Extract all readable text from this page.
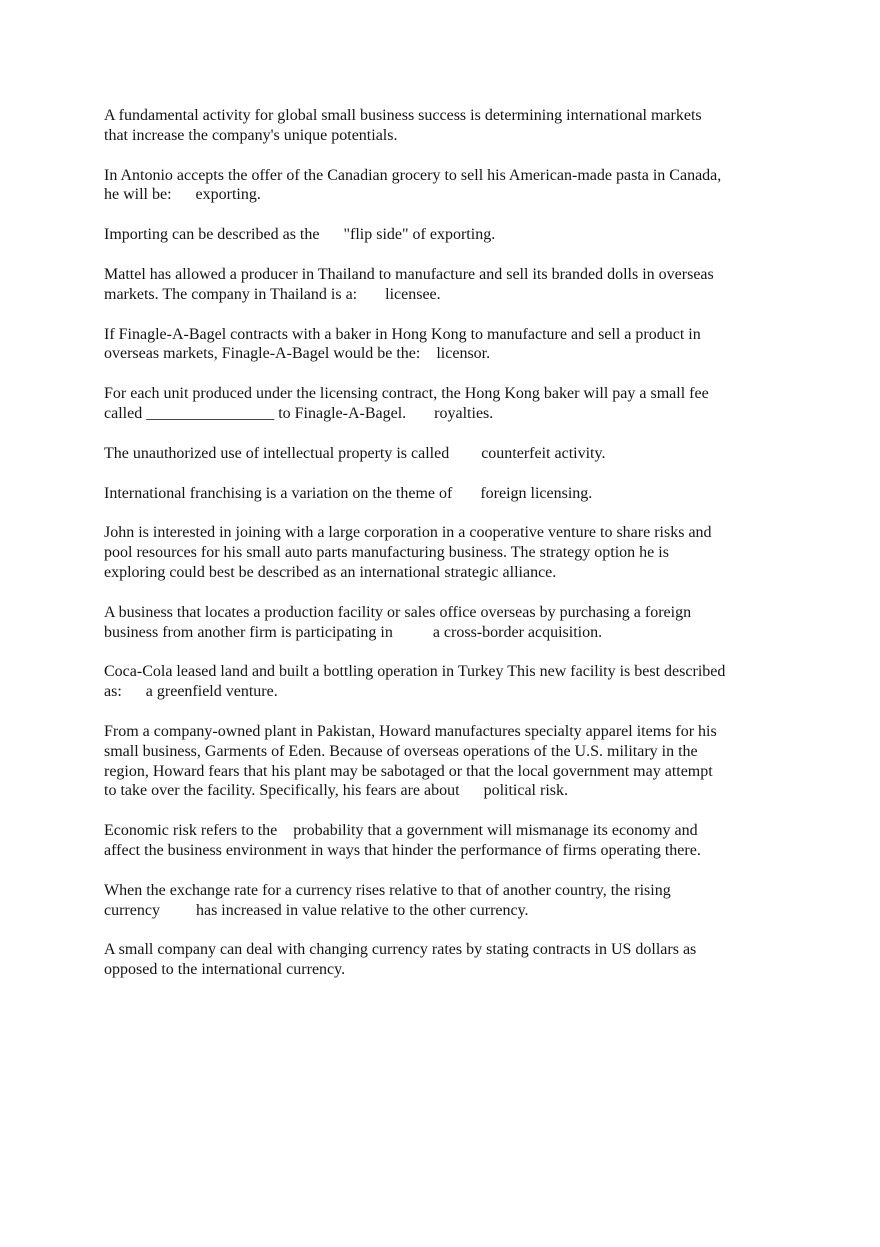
A fundamental activity for global small business success is determining international markets
that increase the company's unique potentials.

In Antonio accepts the offer of the Canadian grocery to sell his American-made pasta in Canada,
he will be:      exporting.

Importing can be described as the      "flip side" of exporting.

Mattel has allowed a producer in Thailand to manufacture and sell its branded dolls in overseas
markets. The company in Thailand is a:       licensee.

If Finagle-A-Bagel contracts with a baker in Hong Kong to manufacture and sell a product in
overseas markets, Finagle-A-Bagel would be the:    licensor.

For each unit produced under the licensing contract, the Hong Kong baker will pay a small fee
called ________________ to Finagle-A-Bagel.       royalties.

The unauthorized use of intellectual property is called        counterfeit activity.

International franchising is a variation on the theme of       foreign licensing.

John is interested in joining with a large corporation in a cooperative venture to share risks and
pool resources for his small auto parts manufacturing business. The strategy option he is
exploring could best be described as an international strategic alliance.

A business that locates a production facility or sales office overseas by purchasing a foreign
business from another firm is participating in	a cross-border acquisition.

Coca-Cola leased land and built a bottling operation in Turkey This new facility is best described
as:      a greenfield venture.

From a company-owned plant in Pakistan, Howard manufactures specialty apparel items for his
small business, Garments of Eden. Because of overseas operations of the U.S. military in the
region, Howard fears that his plant may be sabotaged or that the local government may attempt
to take over the facility. Specifically, his fears are about      political risk.

Economic risk refers to the    probability that a government will mismanage its economy and
affect the business environment in ways that hinder the performance of firms operating there.

When the exchange rate for a currency rises relative to that of another country, the rising
currency         has increased in value relative to the other currency.

A small company can deal with changing currency rates by stating contracts in US dollars as
opposed to the international currency.
